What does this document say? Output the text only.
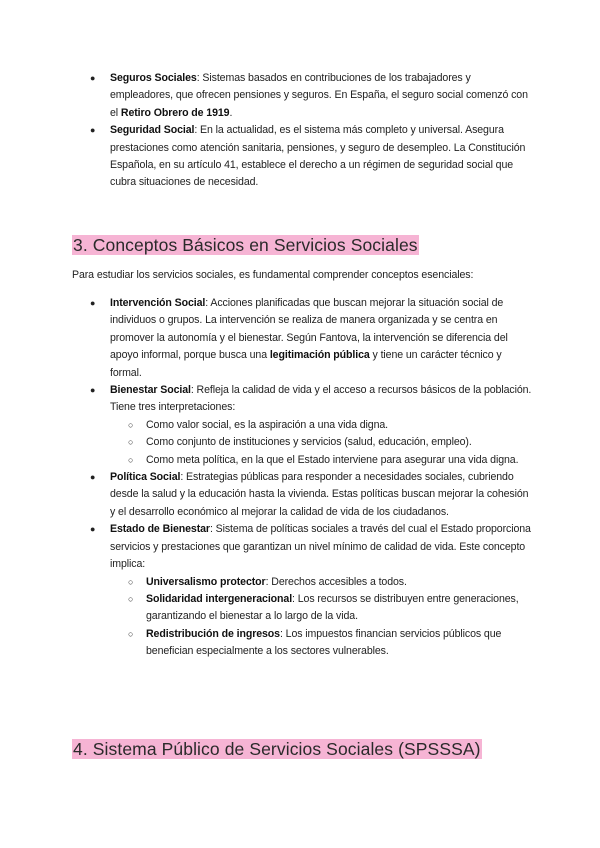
● Seguros Sociales: Sistemas basados en contribuciones de los trabajadores y empleadores, que ofrecen pensiones y seguros. En España, el seguro social comenzó con el Retiro Obrero de 1919.
● Seguridad Social: En la actualidad, es el sistema más completo y universal. Asegura prestaciones como atención sanitaria, pensiones, y seguro de desempleo. La Constitución Española, en su artículo 41, establece el derecho a un régimen de seguridad social que cubra situaciones de necesidad.
3. Conceptos Básicos en Servicios Sociales
Para estudiar los servicios sociales, es fundamental comprender conceptos esenciales:
● Intervención Social: Acciones planificadas que buscan mejorar la situación social de individuos o grupos. La intervención se realiza de manera organizada y se centra en promover la autonomía y el bienestar. Según Fantova, la intervención se diferencia del apoyo informal, porque busca una legitimación pública y tiene un carácter técnico y formal.
● Bienestar Social: Refleja la calidad de vida y el acceso a recursos básicos de la población. Tiene tres interpretaciones:
○ Como valor social, es la aspiración a una vida digna.
○ Como conjunto de instituciones y servicios (salud, educación, empleo).
○ Como meta política, en la que el Estado interviene para asegurar una vida digna.
● Política Social: Estrategias públicas para responder a necesidades sociales, cubriendo desde la salud y la educación hasta la vivienda. Estas políticas buscan mejorar la cohesión y el desarrollo económico al mejorar la calidad de vida de los ciudadanos.
● Estado de Bienestar: Sistema de políticas sociales a través del cual el Estado proporciona servicios y prestaciones que garantizan un nivel mínimo de calidad de vida. Este concepto implica:
○ Universalismo protector: Derechos accesibles a todos.
○ Solidaridad intergeneracional: Los recursos se distribuyen entre generaciones, garantizando el bienestar a lo largo de la vida.
○ Redistribución de ingresos: Los impuestos financian servicios públicos que benefician especialmente a los sectores vulnerables.
4. Sistema Público de Servicios Sociales (SPSSSA)
